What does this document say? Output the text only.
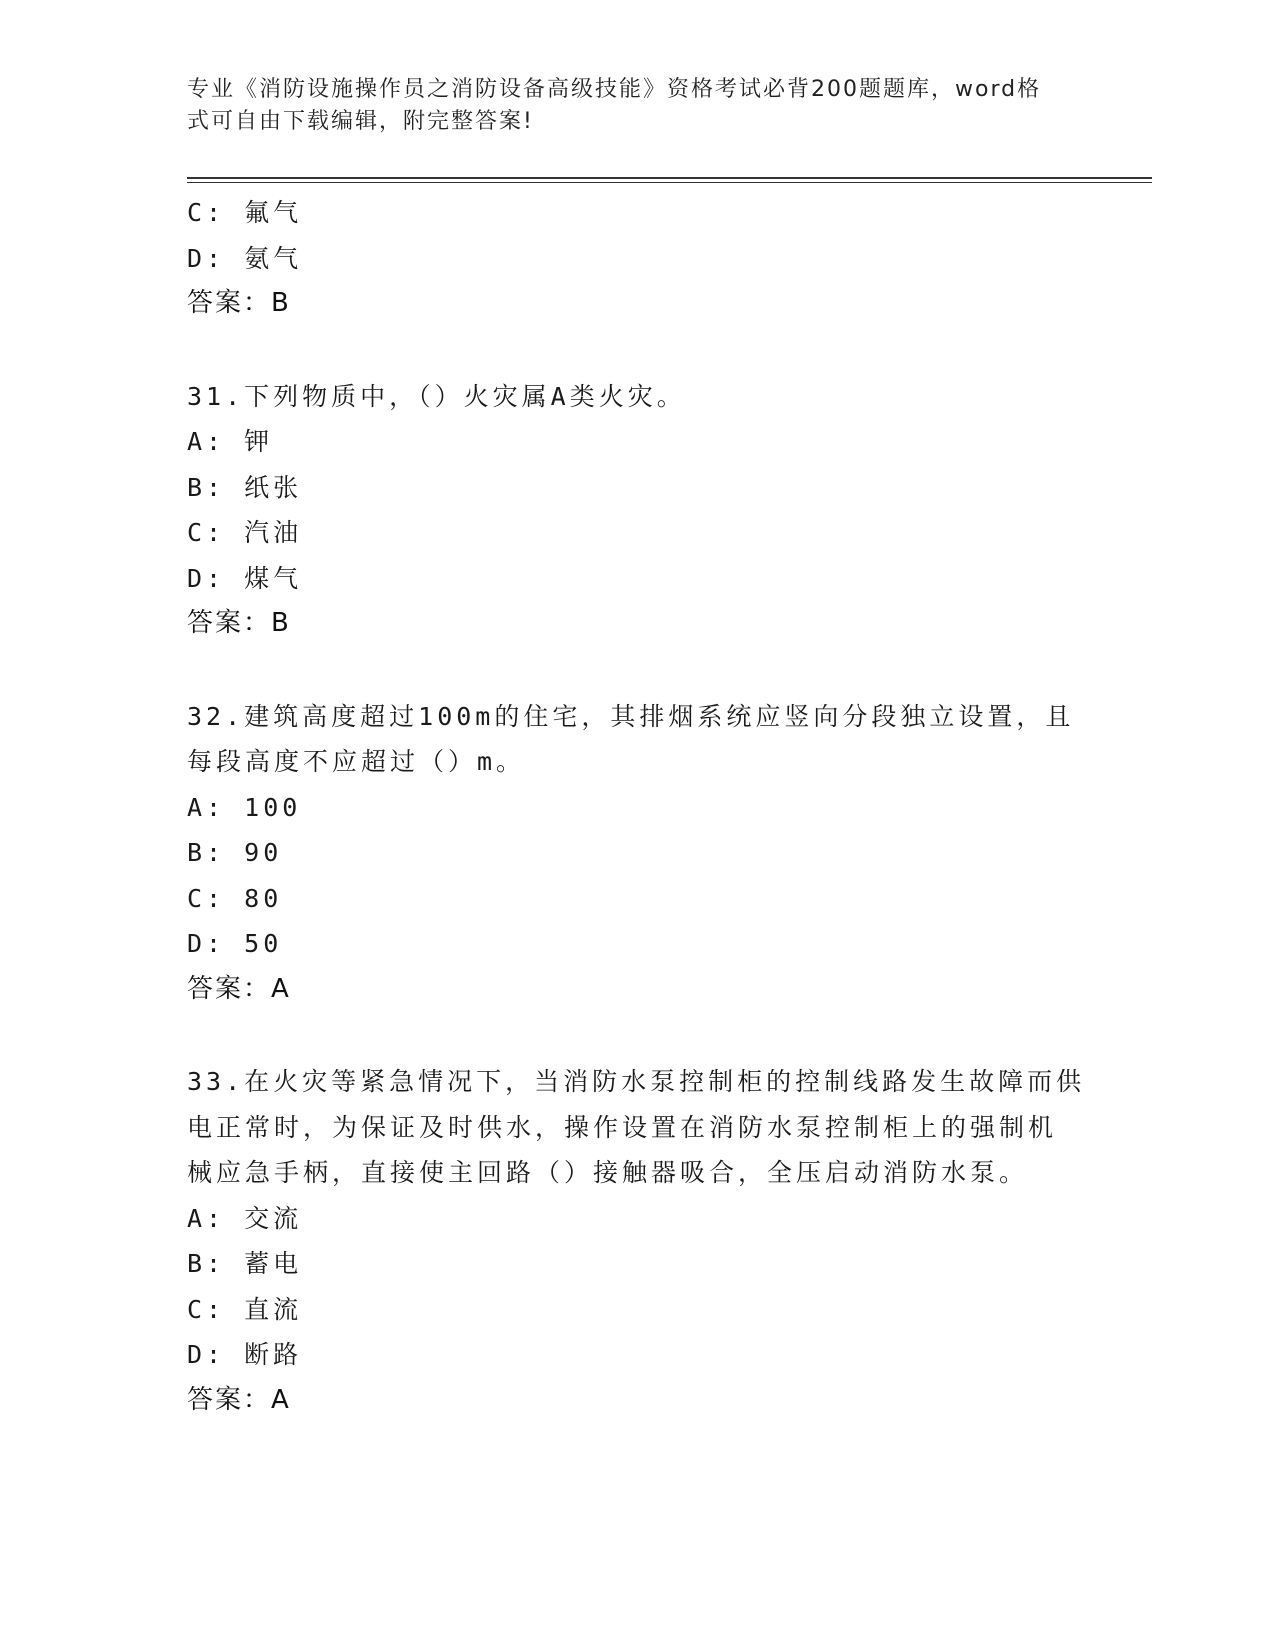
专业《消防设施操作员之消防设备高级技能》资格考试必背200题题库，word格
式可自由下载编辑，附完整答案!
C: 氟气
D: 氨气
答案：B
31.下列物质中，（）火灾属A类火灾。
A: 钾
B: 纸张
C: 汽油
D: 煤气
答案：B
32.建筑高度超过100m的住宅，其排烟系统应竖向分段独立设置，且
每段高度不应超过（）m。
A: 100
B: 90
C: 80
D: 50
答案：A
33.在火灾等紧急情况下，当消防水泵控制柜的控制线路发生故障而供
电正常时，为保证及时供水，操作设置在消防水泵控制柜上的强制机
械应急手柄，直接使主回路（）接触器吸合，全压启动消防水泵。
A: 交流
B: 蓄电
C: 直流
D: 断路
答案：A
